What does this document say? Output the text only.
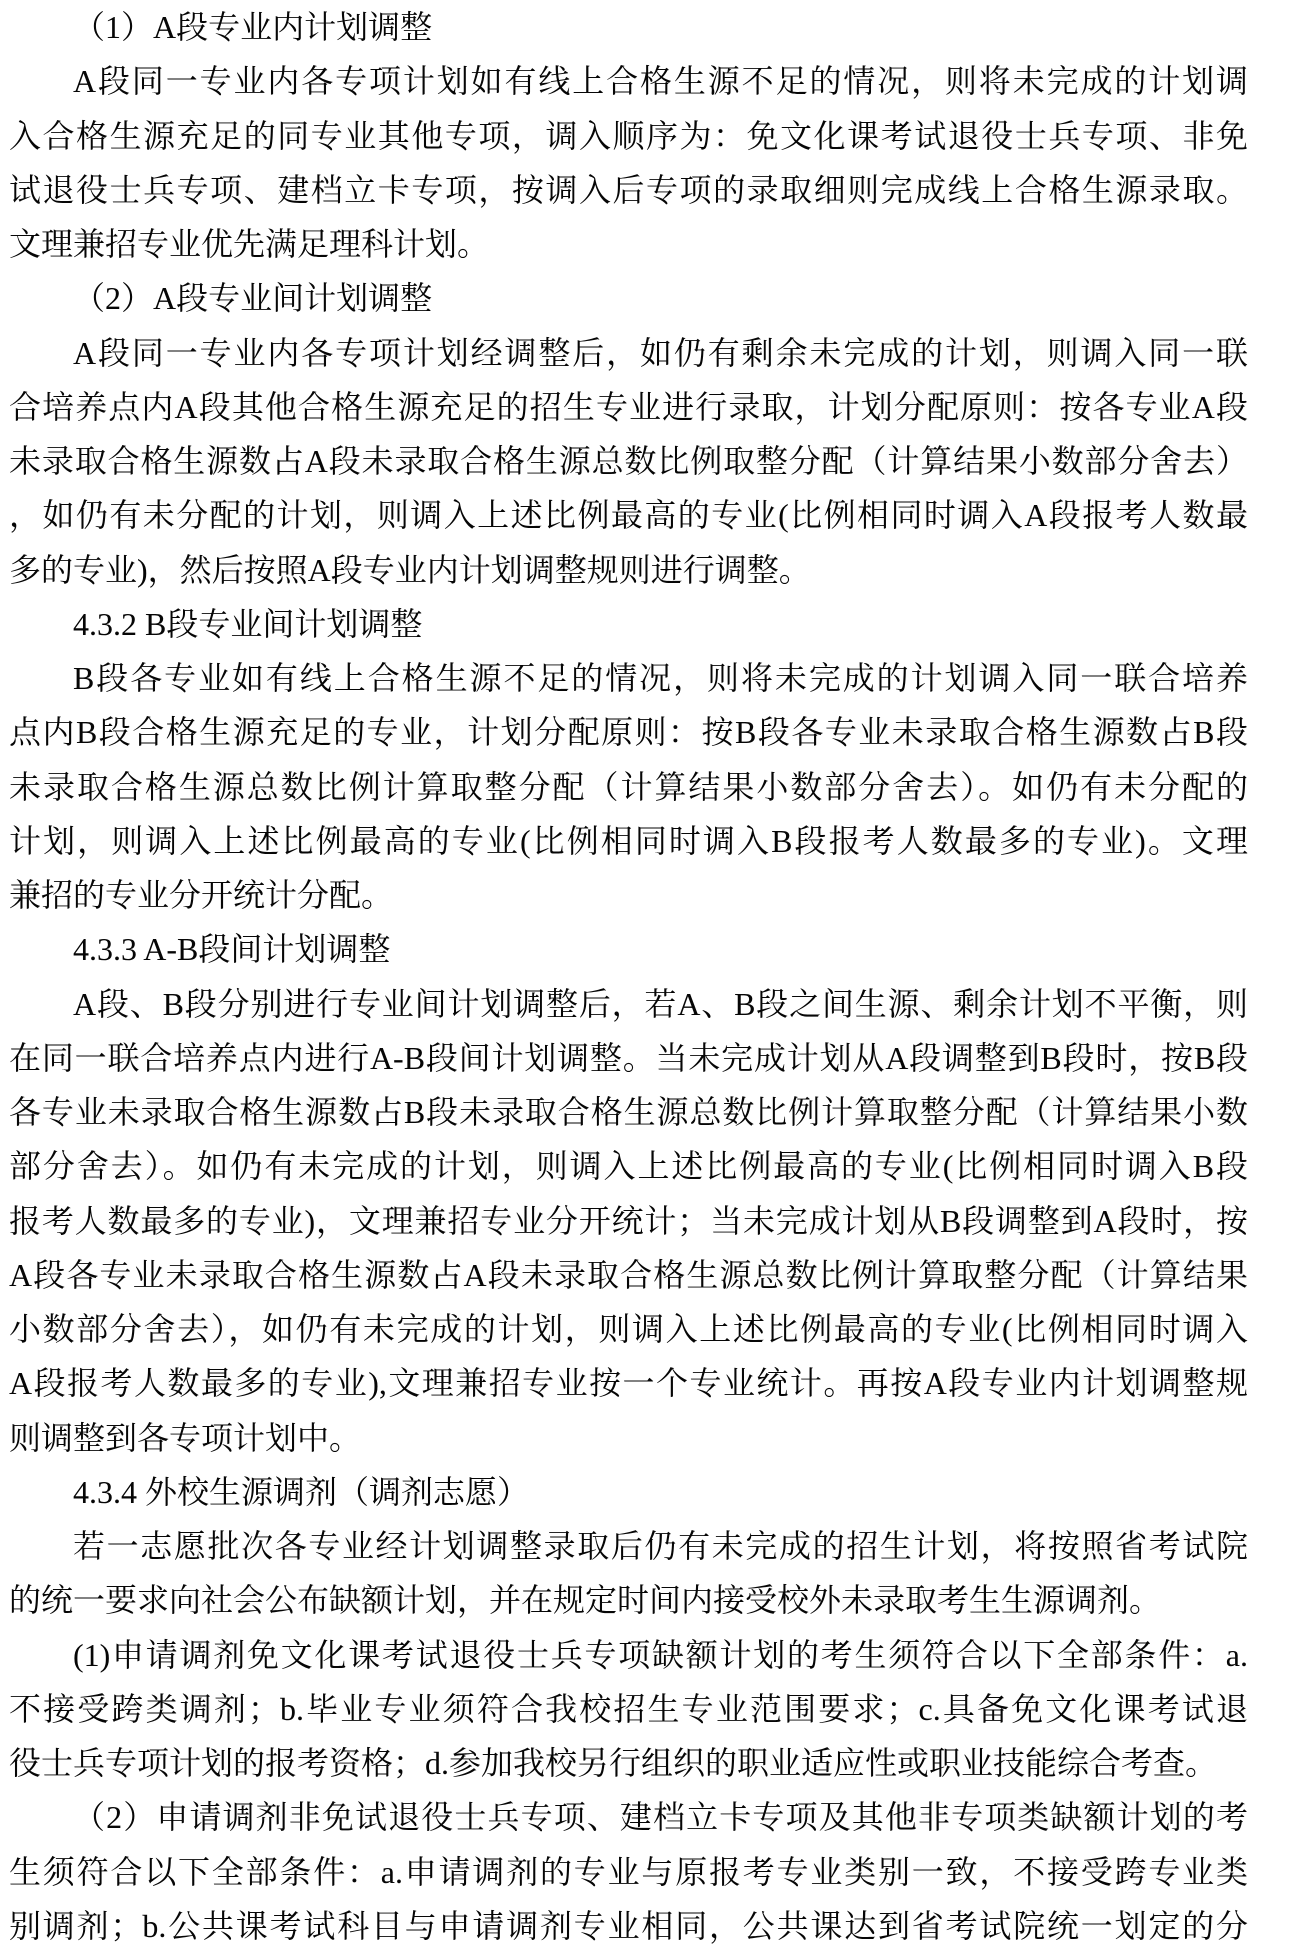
（1）A段专业内计划调整
A段同一专业内各专项计划如有线上合格生源不足的情况，则将未完成的计划调
入合格生源充足的同专业其他专项，调入顺序为：免文化课考试退役士兵专项、非免
试退役士兵专项、建档立卡专项，按调入后专项的录取细则完成线上合格生源录取。
文理兼招专业优先满足理科计划。
（2）A段专业间计划调整
A段同一专业内各专项计划经调整后，如仍有剩余未完成的计划，则调入同一联
合培养点内A段其他合格生源充足的招生专业进行录取，计划分配原则：按各专业A段
未录取合格生源数占A段未录取合格生源总数比例取整分配（计算结果小数部分舍去）
，如仍有未分配的计划，则调入上述比例最高的专业(比例相同时调入A段报考人数最
多的专业)，然后按照A段专业内计划调整规则进行调整。
4.3.2 B段专业间计划调整
B段各专业如有线上合格生源不足的情况，则将未完成的计划调入同一联合培养
点内B段合格生源充足的专业，计划分配原则：按B段各专业未录取合格生源数占B段
未录取合格生源总数比例计算取整分配（计算结果小数部分舍去）。如仍有未分配的
计划，则调入上述比例最高的专业(比例相同时调入B段报考人数最多的专业)。文理
兼招的专业分开统计分配。
4.3.3 A-B段间计划调整
A段、B段分别进行专业间计划调整后，若A、B段之间生源、剩余计划不平衡，则
在同一联合培养点内进行A-B段间计划调整。当未完成计划从A段调整到B段时，按B段
各专业未录取合格生源数占B段未录取合格生源总数比例计算取整分配（计算结果小数
部分舍去）。如仍有未完成的计划，则调入上述比例最高的专业(比例相同时调入B段
报考人数最多的专业)，文理兼招专业分开统计；当未完成计划从B段调整到A段时，按
A段各专业未录取合格生源数占A段未录取合格生源总数比例计算取整分配（计算结果
小数部分舍去），如仍有未完成的计划，则调入上述比例最高的专业(比例相同时调入
A段报考人数最多的专业),文理兼招专业按一个专业统计。再按A段专业内计划调整规
则调整到各专项计划中。
4.3.4 外校生源调剂（调剂志愿）
若一志愿批次各专业经计划调整录取后仍有未完成的招生计划，将按照省考试院
的统一要求向社会公布缺额计划，并在规定时间内接受校外未录取考生生源调剂。
(1)申请调剂免文化课考试退役士兵专项缺额计划的考生须符合以下全部条件：a.
不接受跨类调剂；b.毕业专业须符合我校招生专业范围要求；c.具备免文化课考试退
役士兵专项计划的报考资格；d.参加我校另行组织的职业适应性或职业技能综合考查。
（2）申请调剂非免试退役士兵专项、建档立卡专项及其他非专项类缺额计划的考
生须符合以下全部条件：a.申请调剂的专业与原报考专业类别一致，不接受跨专业类
别调剂；b.公共课考试科目与申请调剂专业相同，公共课达到省考试院统一划定的分
